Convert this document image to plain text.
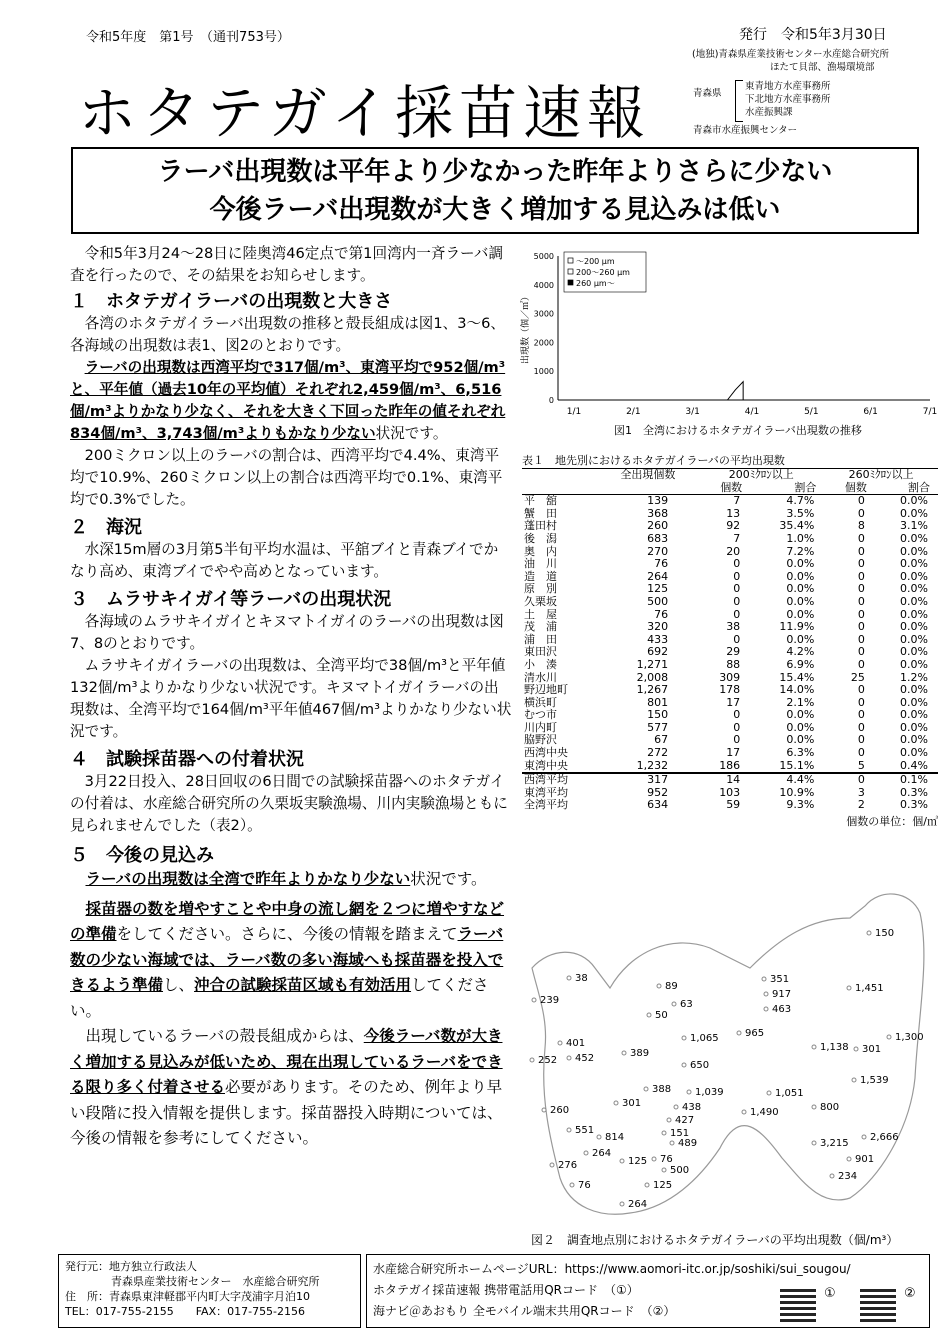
令和5年度　第1号　（通刊753号）	発行　令和5年3月30日
ホタテガイ採苗速報
(地独)青森県産業技術センター水産総合研究所
ほたて貝部、漁場環境部
青森県
東青地方水産事務所
下北地方水産事務所
水産振興課
青森市水産振興センター
ラーバ出現数は平年より少なかった昨年よりさらに少ない
今後ラーバ出現数が大きく増加する見込みは低い

令和5年3月24～28日に陸奥湾46定点で第1回湾内一斉ラーバ調査を行ったので、その結果をお知らせします。

１　ホタテガイラーバの出現数と大きさ

各湾のホタテガイラーバ出現数の推移と殻長組成は図1、3～6、各海域の出現数は表1、図2のとおりです。

ラーバの出現数は西湾平均で317個/m³、東湾平均で952個/m³と、平年値（過去10年の平均値）それぞれ2,459個/m³、6,516個/m³よりかなり少なく、それを大きく下回った昨年の値それぞれ834個/m³、3,743個/m³よりもかなり少ない状況です。

200ミクロン以上のラーバの割合は、西湾平均で4.4%、東湾平均で10.9%、260ミクロン以上の割合は西湾平均で0.1%、東湾平均で0.3%でした。

２　海況

水深15m層の3月第5半旬平均水温は、平舘ブイと青森ブイでかなり高め、東湾ブイでやや高めとなっています。

３　ムラサキイガイ等ラーバの出現状況

各海域のムラサキイガイとキヌマトイガイのラーバの出現数は図7、8のとおりです。

ムラサキイガイラーバの出現数は、全湾平均で38個/m³と平年値132個/m³よりかなり少ない状況です。キヌマトイガイラーバの出現数は、全湾平均で164個/m³平年値467個/m³よりかなり少ない状況です。

４　試験採苗器への付着状況

3月22日投入、28日回収の6日間での試験採苗器へのホタテガイの付着は、水産総合研究所の久栗坂実験漁場、川内実験漁場ともに見られませんでした（表2）。

５　今後の見込み

ラーバの出現数は全湾で昨年よりかなり少ない状況です。

採苗器の数を増やすことや中身の流し網を２つに増やすなどの準備をしてください。さらに、今後の情報を踏まえてラーバ数の少ない海域では、ラーバ数の多い海域へも採苗器を投入できるよう準備し、沖合の試験採苗区域も有効活用してください。

出現しているラーバの殻長組成からは、今後ラーバ数が大きく増加する見込みが低いため、現在出現しているラーバをできる限り多く付着させる必要があります。そのため、例年より早い段階に投入情報を提供します。採苗器投入時期については、今後の情報を参考にしてください。

0
1000
2000
3000
4000
5000
1/1	2/1	3/1	4/1	5/1	6/1	7/1
出現数（個／㎥）
～200 μm
200～260 μm
260 μm～
図1　全湾におけるホタテガイラーバ出現数の推移
表１　地先別におけるホタテガイラーバの平均出現数
	全出現個数	200ﾐｸﾛﾝ以上		260ﾐｸﾛﾝ以上	
		個数	割合	個数	割合
平　舘	139	7	4.7%	0	0.0%
蟹　田	368	13	3.5%	0	0.0%
蓬田村	260	92	35.4%	8	3.1%
後　潟	683	7	1.0%	0	0.0%
奥　内	270	20	7.2%	0	0.0%
油　川	76	0	0.0%	0	0.0%
造　道	264	0	0.0%	0	0.0%
原　別	125	0	0.0%	0	0.0%
久栗坂	500	0	0.0%	0	0.0%
土　屋	76	0	0.0%	0	0.0%
茂　浦	320	38	11.9%	0	0.0%
浦　田	433	0	0.0%	0	0.0%
東田沢	692	29	4.2%	0	0.0%
小　湊	1,271	88	6.9%	0	0.0%
清水川	2,008	309	15.4%	25	1.2%
野辺地町	1,267	178	14.0%	0	0.0%
横浜町	801	17	2.1%	0	0.0%
むつ市	150	0	0.0%	0	0.0%
川内町	577	0	0.0%	0	0.0%
脇野沢	67	0	0.0%	0	0.0%
西湾中央	272	17	6.3%	0	0.0%
東湾中央	1,232	186	15.1%	5	0.4%
西湾平均	317	14	4.4%	0	0.1%
東湾平均	952	103	10.9%	3	0.3%
全湾平均	634	59	9.3%	2	0.3%
個数の単位：個/㎥
150
1,451
351
917
463
89
63
50
38
239
401
252 452	389
1,065	965
1,138 301
1,300
650
1,539
388 1,039	1,051
301	438	1,490	800
260
427
551
814	151	2,666
489	3,215
264
125 76	901
500
276
234
76	125
264
図２　調査地点別におけるホタテガイラーバの平均出現数（個/m³）
発行元：地方独立行政法人
青森県産業技術センター　水産総合研究所
住　所：青森県東津軽郡平内町大字茂浦字月泊10
TEL：017-755-2155　　FAX：017-755-2156
水産総合研究所ホームページURL：https://www.aomori-itc.or.jp/soshiki/sui_sougou/
ホタテガイ採苗速報 携帯電話用QRコード　（①）
海ナビ＠あおもり 全モバイル端末共用QRコード　（②）
①	②
